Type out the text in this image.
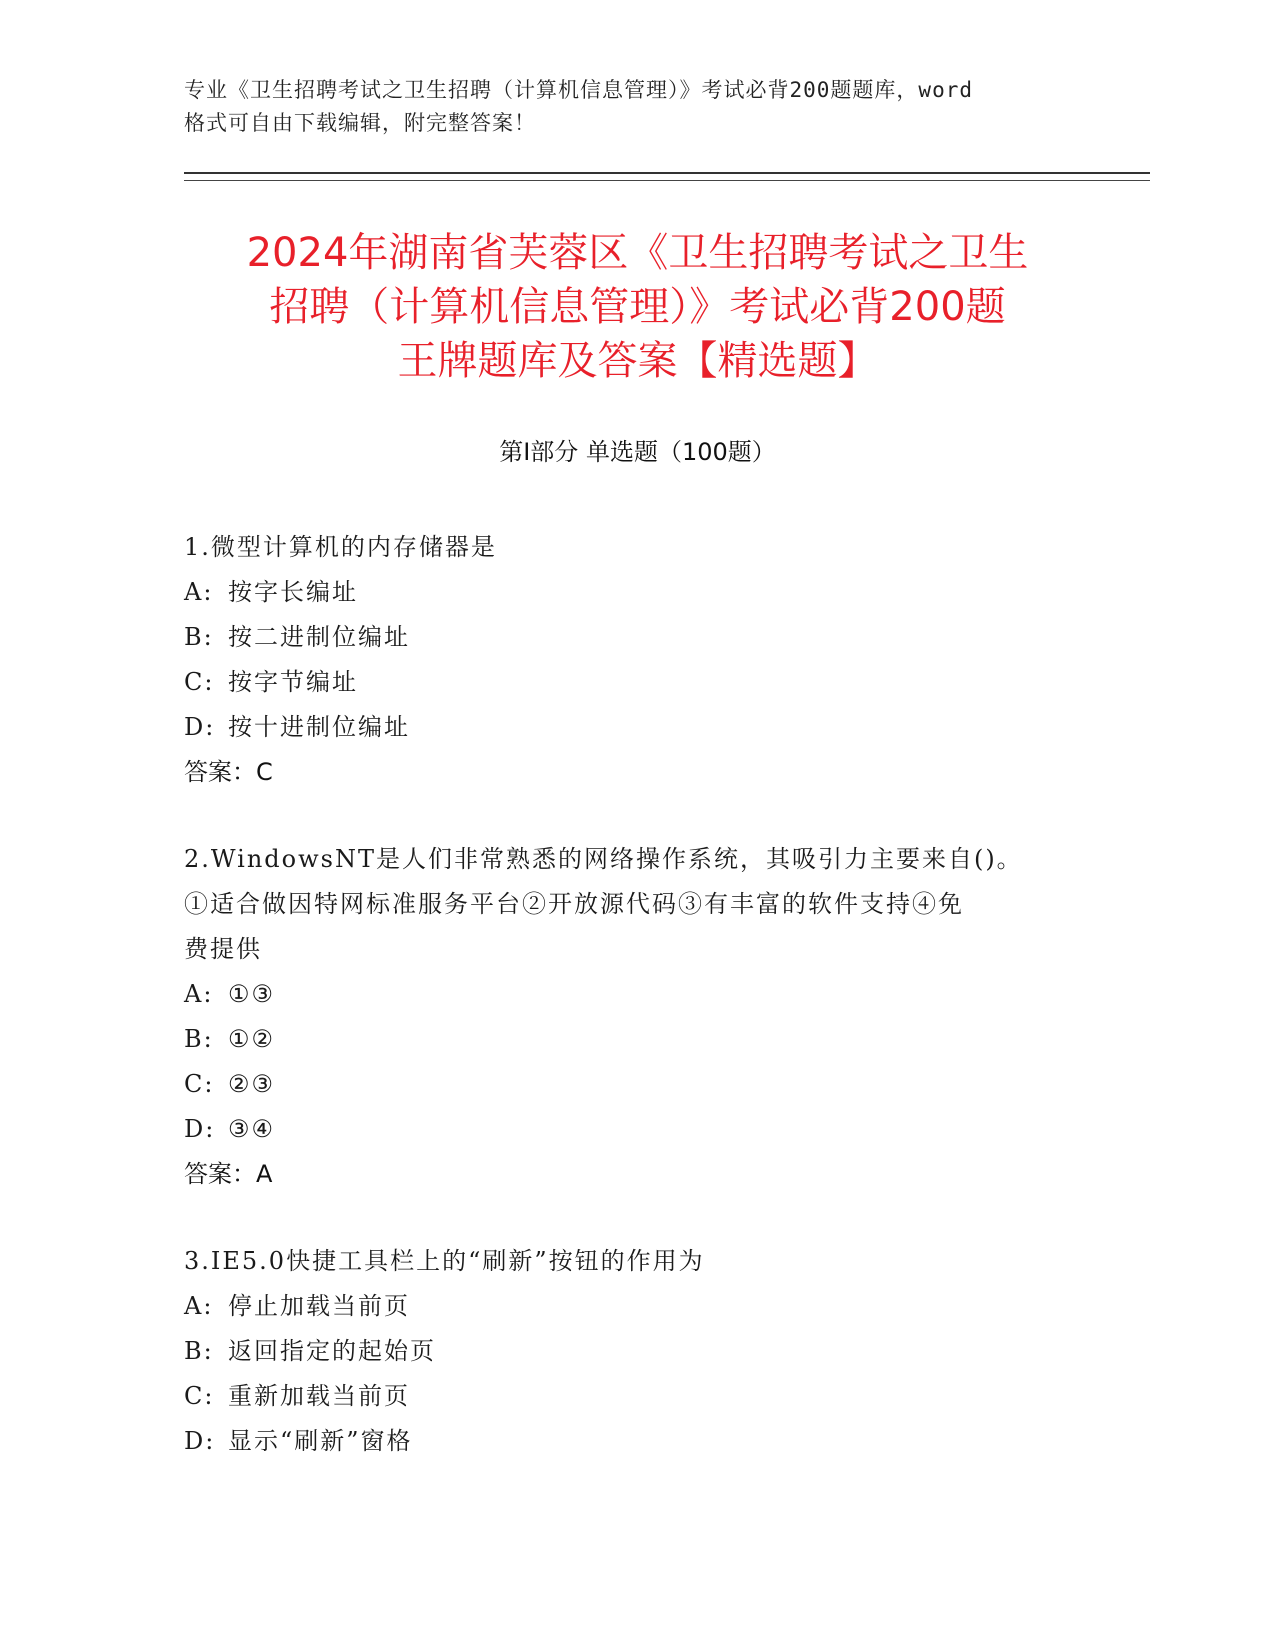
专业《卫生招聘考试之卫生招聘（计算机信息管理）》考试必背200题题库，word
格式可自由下载编辑，附完整答案！
2024年湖南省芙蓉区《卫生招聘考试之卫生
招聘（计算机信息管理）》考试必背200题
王牌题库及答案【精选题】
第Ⅰ部分 单选题（100题）
1.微型计算机的内存储器是
A: 按字长编址
B: 按二进制位编址
C: 按字节编址
D: 按十进制位编址
答案：C
2.WindowsNT是人们非常熟悉的网络操作系统，其吸引力主要来自()。
①适合做因特网标准服务平台②开放源代码③有丰富的软件支持④免
费提供
A: ①③
B: ①②
C: ②③
D: ③④
答案：A
3.IE5.0快捷工具栏上的“刷新”按钮的作用为
A: 停止加载当前页
B: 返回指定的起始页
C: 重新加载当前页
D: 显示“刷新”窗格
